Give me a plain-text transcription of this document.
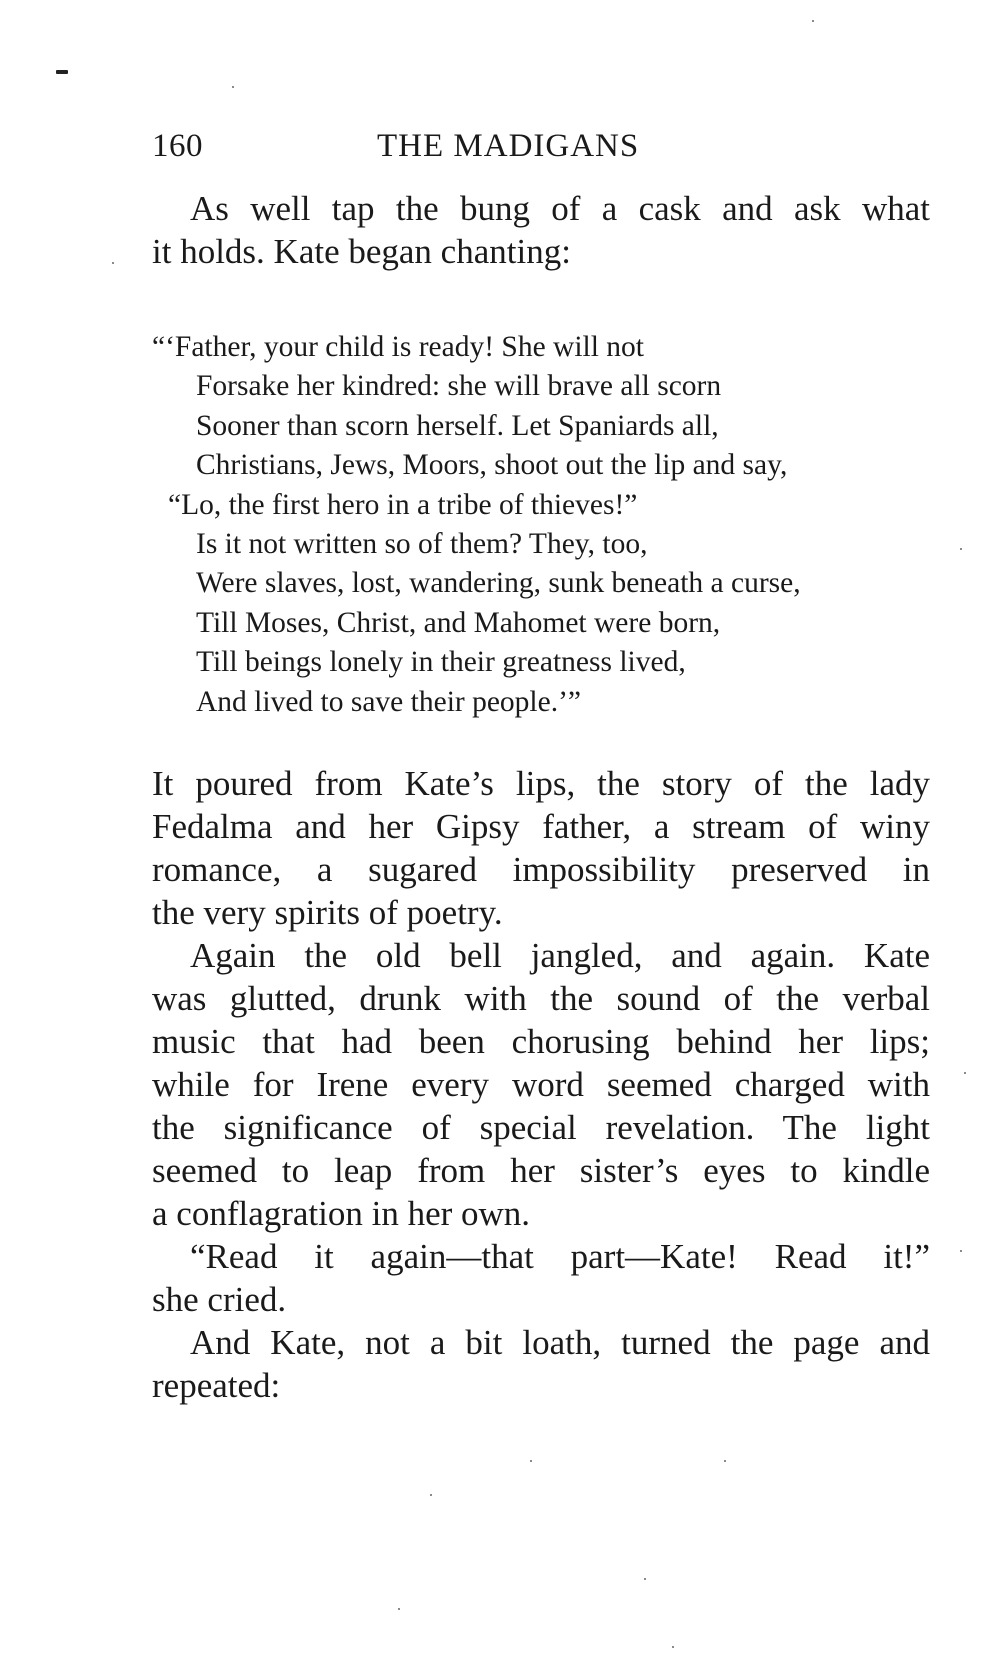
160	THE MADIGANS

As well tap the bung of a cask and ask what
it holds. Kate began chanting:

“‘Father, your child is ready! She will not
Forsake her kindred: she will brave all scorn
Sooner than scorn herself. Let Spaniards all,
Christians, Jews, Moors, shoot out the lip and say,
“Lo, the first hero in a tribe of thieves!”
Is it not written so of them? They, too,
Were slaves, lost, wandering, sunk beneath a curse,
Till Moses, Christ, and Mahomet were born,
Till beings lonely in their greatness lived,
And lived to save their people.’”

It poured from Kate’s lips, the story of the lady
Fedalma and her Gipsy father, a stream of winy
romance, a sugared impossibility preserved in
the very spirits of poetry.

Again the old bell jangled, and again. Kate
was glutted, drunk with the sound of the verbal
music that had been chorusing behind her lips;
while for Irene every word seemed charged with
the significance of special revelation. The light
seemed to leap from her sister’s eyes to kindle
a conflagration in her own.

“Read it again—that part—Kate! Read it!”
she cried.

And Kate, not a bit loath, turned the page and
repeated:
